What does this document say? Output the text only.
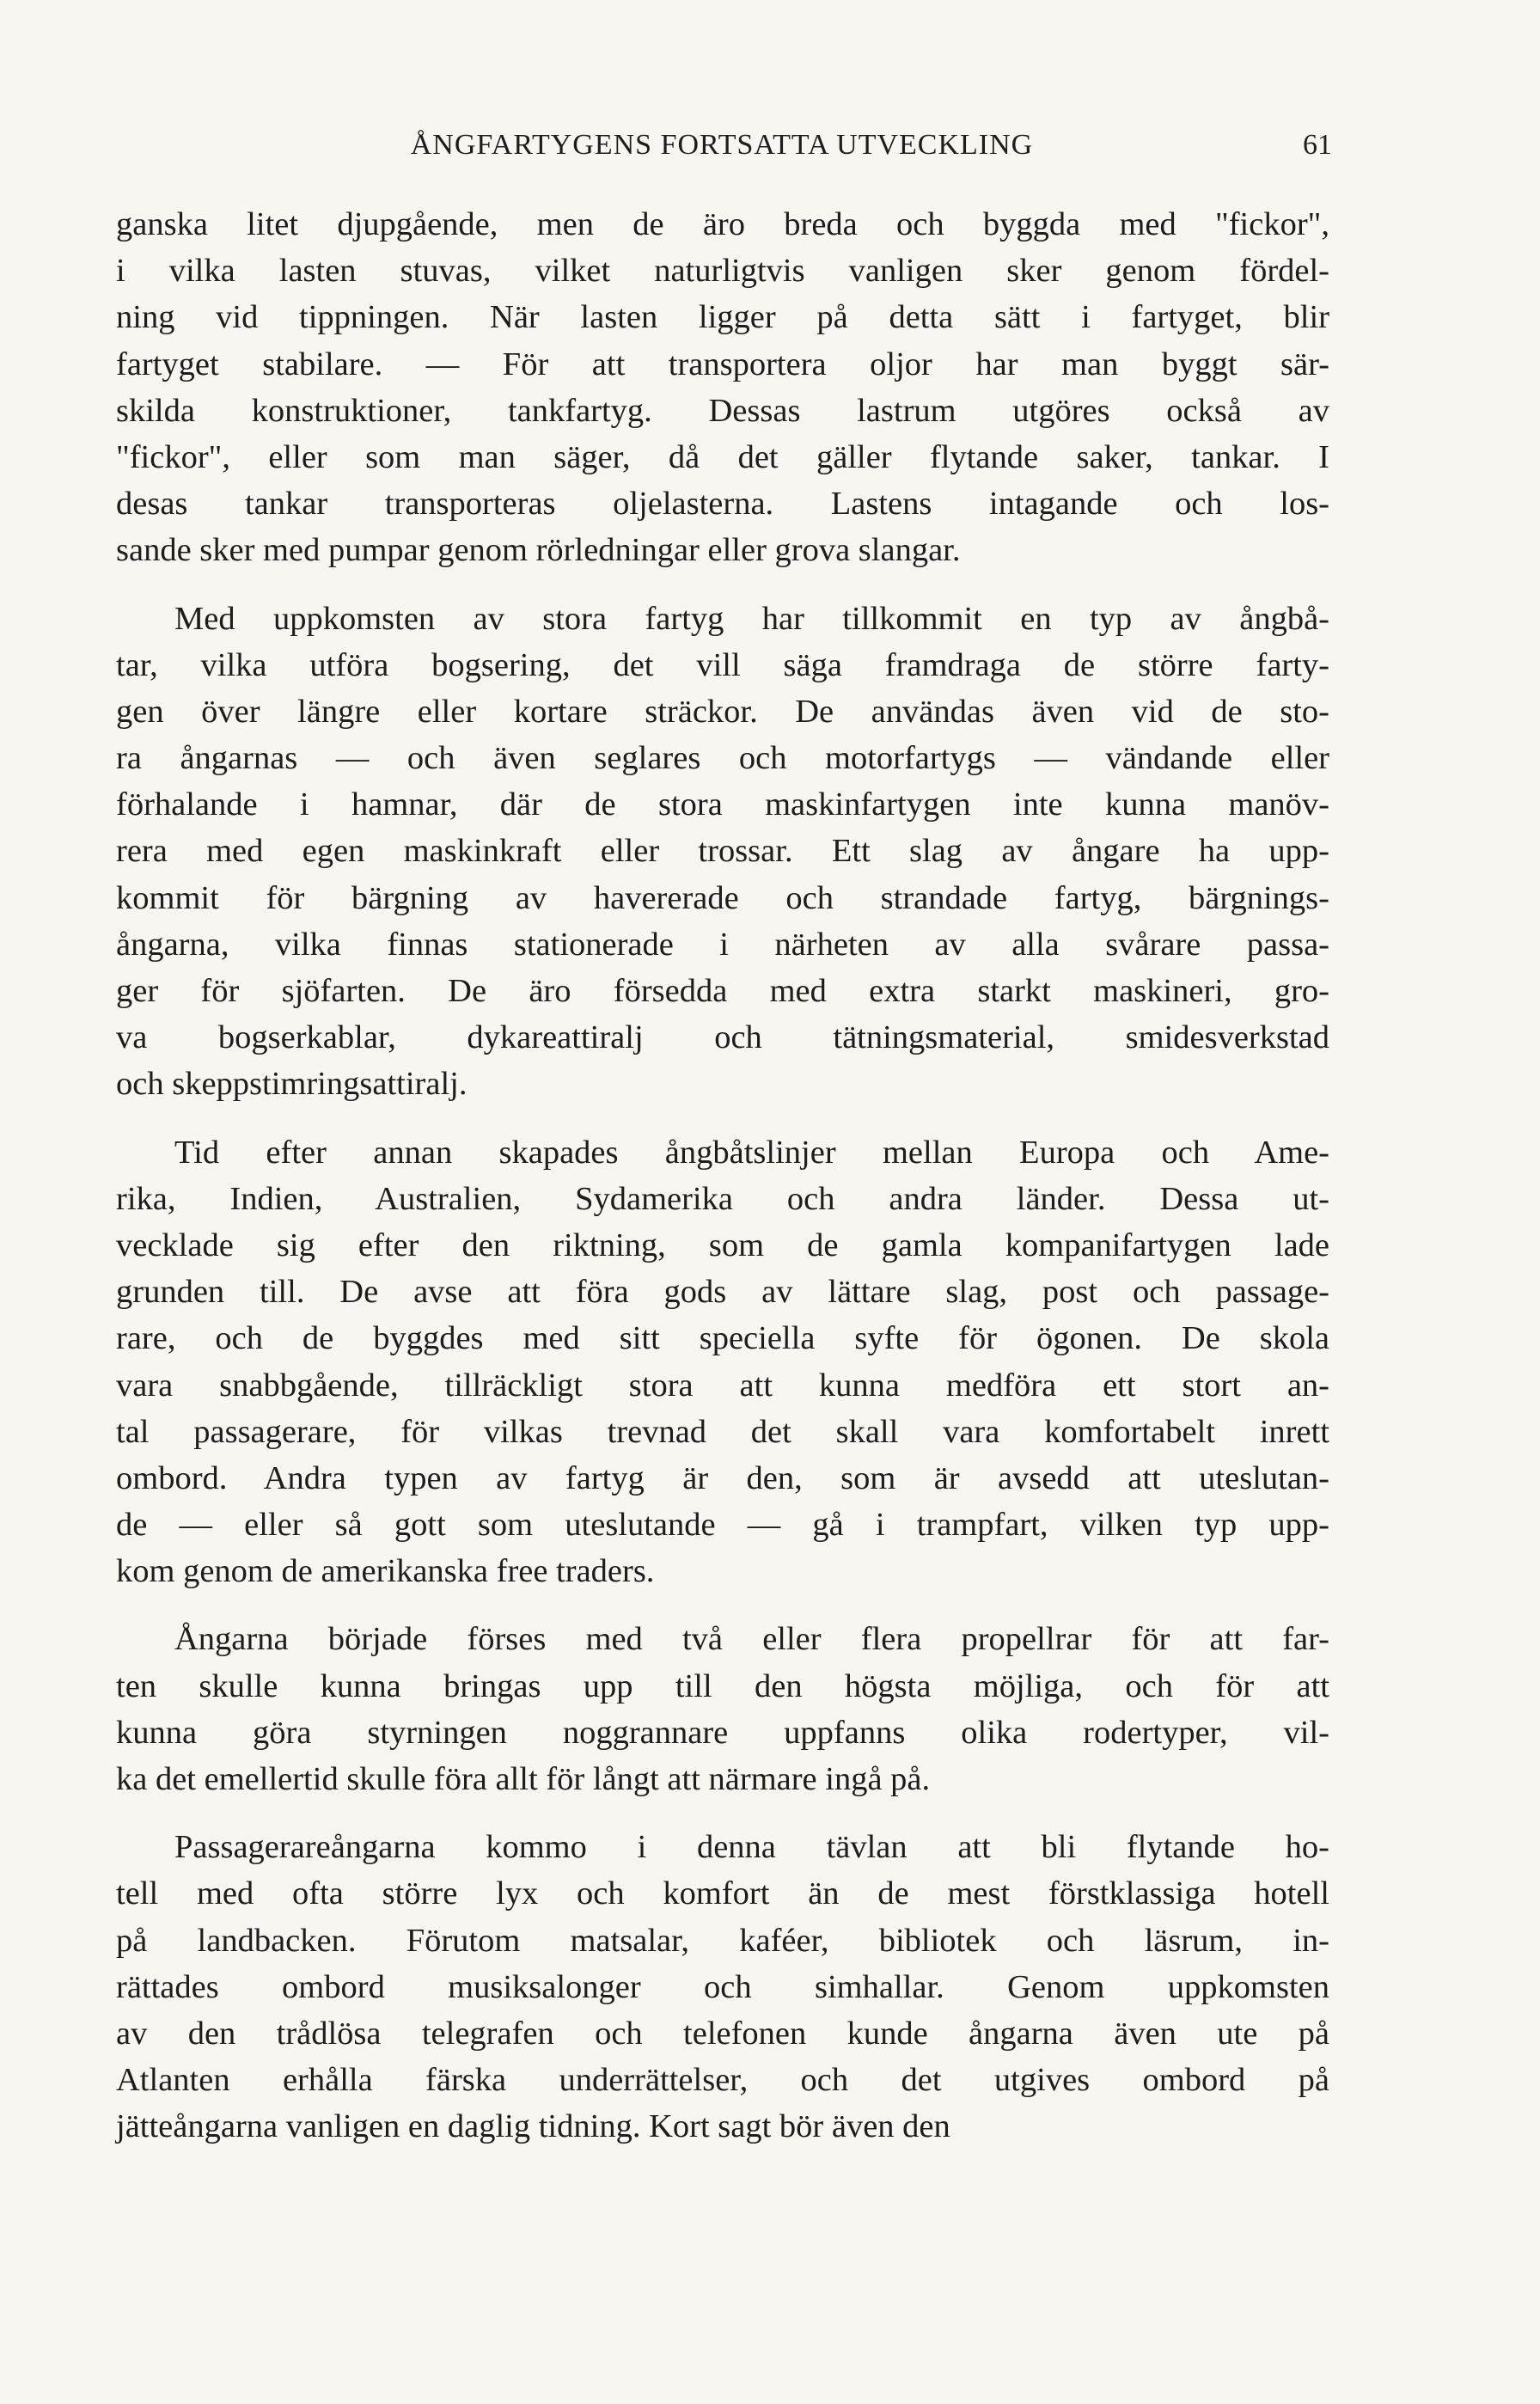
ÅNGFARTYGENS FORTSATTA UTVECKLING	61
ganska litet djupgående, men de äro breda och byggda med "fickor",
i vilka lasten stuvas, vilket naturligtvis vanligen sker genom fördel-
ning vid tippningen. När lasten ligger på detta sätt i fartyget, blir
fartyget stabilare. — För att transportera oljor har man byggt sär-
skilda konstruktioner, tankfartyg. Dessas lastrum utgöres också av
"fickor", eller som man säger, då det gäller flytande saker, tankar. I
desas tankar transporteras oljelasterna. Lastens intagande och los-
sande sker med pumpar genom rörledningar eller grova slangar.
Med uppkomsten av stora fartyg har tillkommit en typ av ångbå-
tar, vilka utföra bogsering, det vill säga framdraga de större farty-
gen över längre eller kortare sträckor. De användas även vid de sto-
ra ångarnas — och även seglares och motorfartygs — vändande eller
förhalande i hamnar, där de stora maskinfartygen inte kunna manöv-
rera med egen maskinkraft eller trossar. Ett slag av ångare ha upp-
kommit för bärgning av havererade och strandade fartyg, bärgnings-
ångarna, vilka finnas stationerade i närheten av alla svårare passa-
ger för sjöfarten. De äro försedda med extra starkt maskineri, gro-
va bogserkablar, dykareattiralj och tätningsmaterial, smidesverkstad
och skeppstimringsattiralj.
Tid efter annan skapades ångbåtslinjer mellan Europa och Ame-
rika, Indien, Australien, Sydamerika och andra länder. Dessa ut-
vecklade sig efter den riktning, som de gamla kompanifartygen lade
grunden till. De avse att föra gods av lättare slag, post och passage-
rare, och de byggdes med sitt speciella syfte för ögonen. De skola
vara snabbgående, tillräckligt stora att kunna medföra ett stort an-
tal passagerare, för vilkas trevnad det skall vara komfortabelt inrett
ombord. Andra typen av fartyg är den, som är avsedd att uteslutan-
de — eller så gott som uteslutande — gå i trampfart, vilken typ upp-
kom genom de amerikanska free traders.
Ångarna började förses med två eller flera propellrar för att far-
ten skulle kunna bringas upp till den högsta möjliga, och för att
kunna göra styrningen noggrannare uppfanns olika rodertyper, vil-
ka det emellertid skulle föra allt för långt att närmare ingå på.
Passagerareångarna kommo i denna tävlan att bli flytande ho-
tell med ofta större lyx och komfort än de mest förstklassiga hotell
på landbacken. Förutom matsalar, kaféer, bibliotek och läsrum, in-
rättades ombord musiksalonger och simhallar. Genom uppkomsten
av den trådlösa telegrafen och telefonen kunde ångarna även ute på
Atlanten erhålla färska underrättelser, och det utgives ombord på
jätteångarna vanligen en daglig tidning. Kort sagt bör även den
